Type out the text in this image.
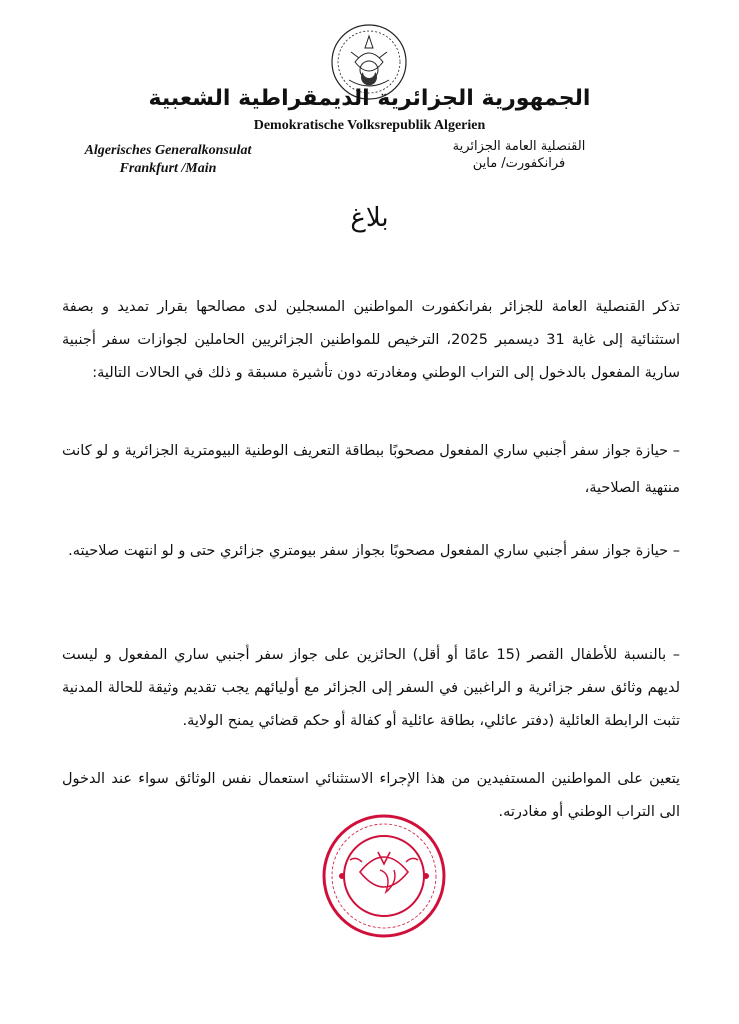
الجمهورية الجزائرية الديمقراطية الشعبية
Demokratische Volksrepublik Algerien
Algerisches Generalkonsulat
Frankfurt /Main
القنصلية العامة الجزائرية
فرانكفورت/ ماين
بلاغ

تذكر القنصلية العامة للجزائر بفرانكفورت المواطنين المسجلين لدى مصالحها بقرار تمديد و بصفة استثنائية إلى غاية 31 ديسمبر 2025، الترخيص للمواطنين الجزائريين الحاملين لجوازات سفر أجنبية سارية المفعول بالدخول إلى التراب الوطني ومغادرته دون تأشيرة مسبقة و ذلك في الحالات التالية:

– حيازة جواز سفر أجنبي ساري المفعول مصحوبًا ببطاقة التعريف الوطنية البيومترية الجزائرية و لو كانت منتهية الصلاحية،

– حيازة جواز سفر أجنبي ساري المفعول مصحوبًا بجواز سفر بيومتري جزائري حتى و لو انتهت صلاحيته.

– بالنسبة للأطفال القصر (15 عامًا أو أقل) الحائزين على جواز سفر أجنبي ساري المفعول و ليست لديهم وثائق سفر جزائرية و الراغبين في السفر إلى الجزائر مع أوليائهم يجب تقديم وثيقة للحالة المدنية تثبت الرابطة العائلية (دفتر عائلي، بطاقة عائلية أو كفالة أو حكم قضائي يمنح الولاية.

يتعين على المواطنين المستفيدين من هذا الإجراء الاستثنائي استعمال نفس الوثائق سواء عند الدخول الى التراب الوطني أو مغادرته.
